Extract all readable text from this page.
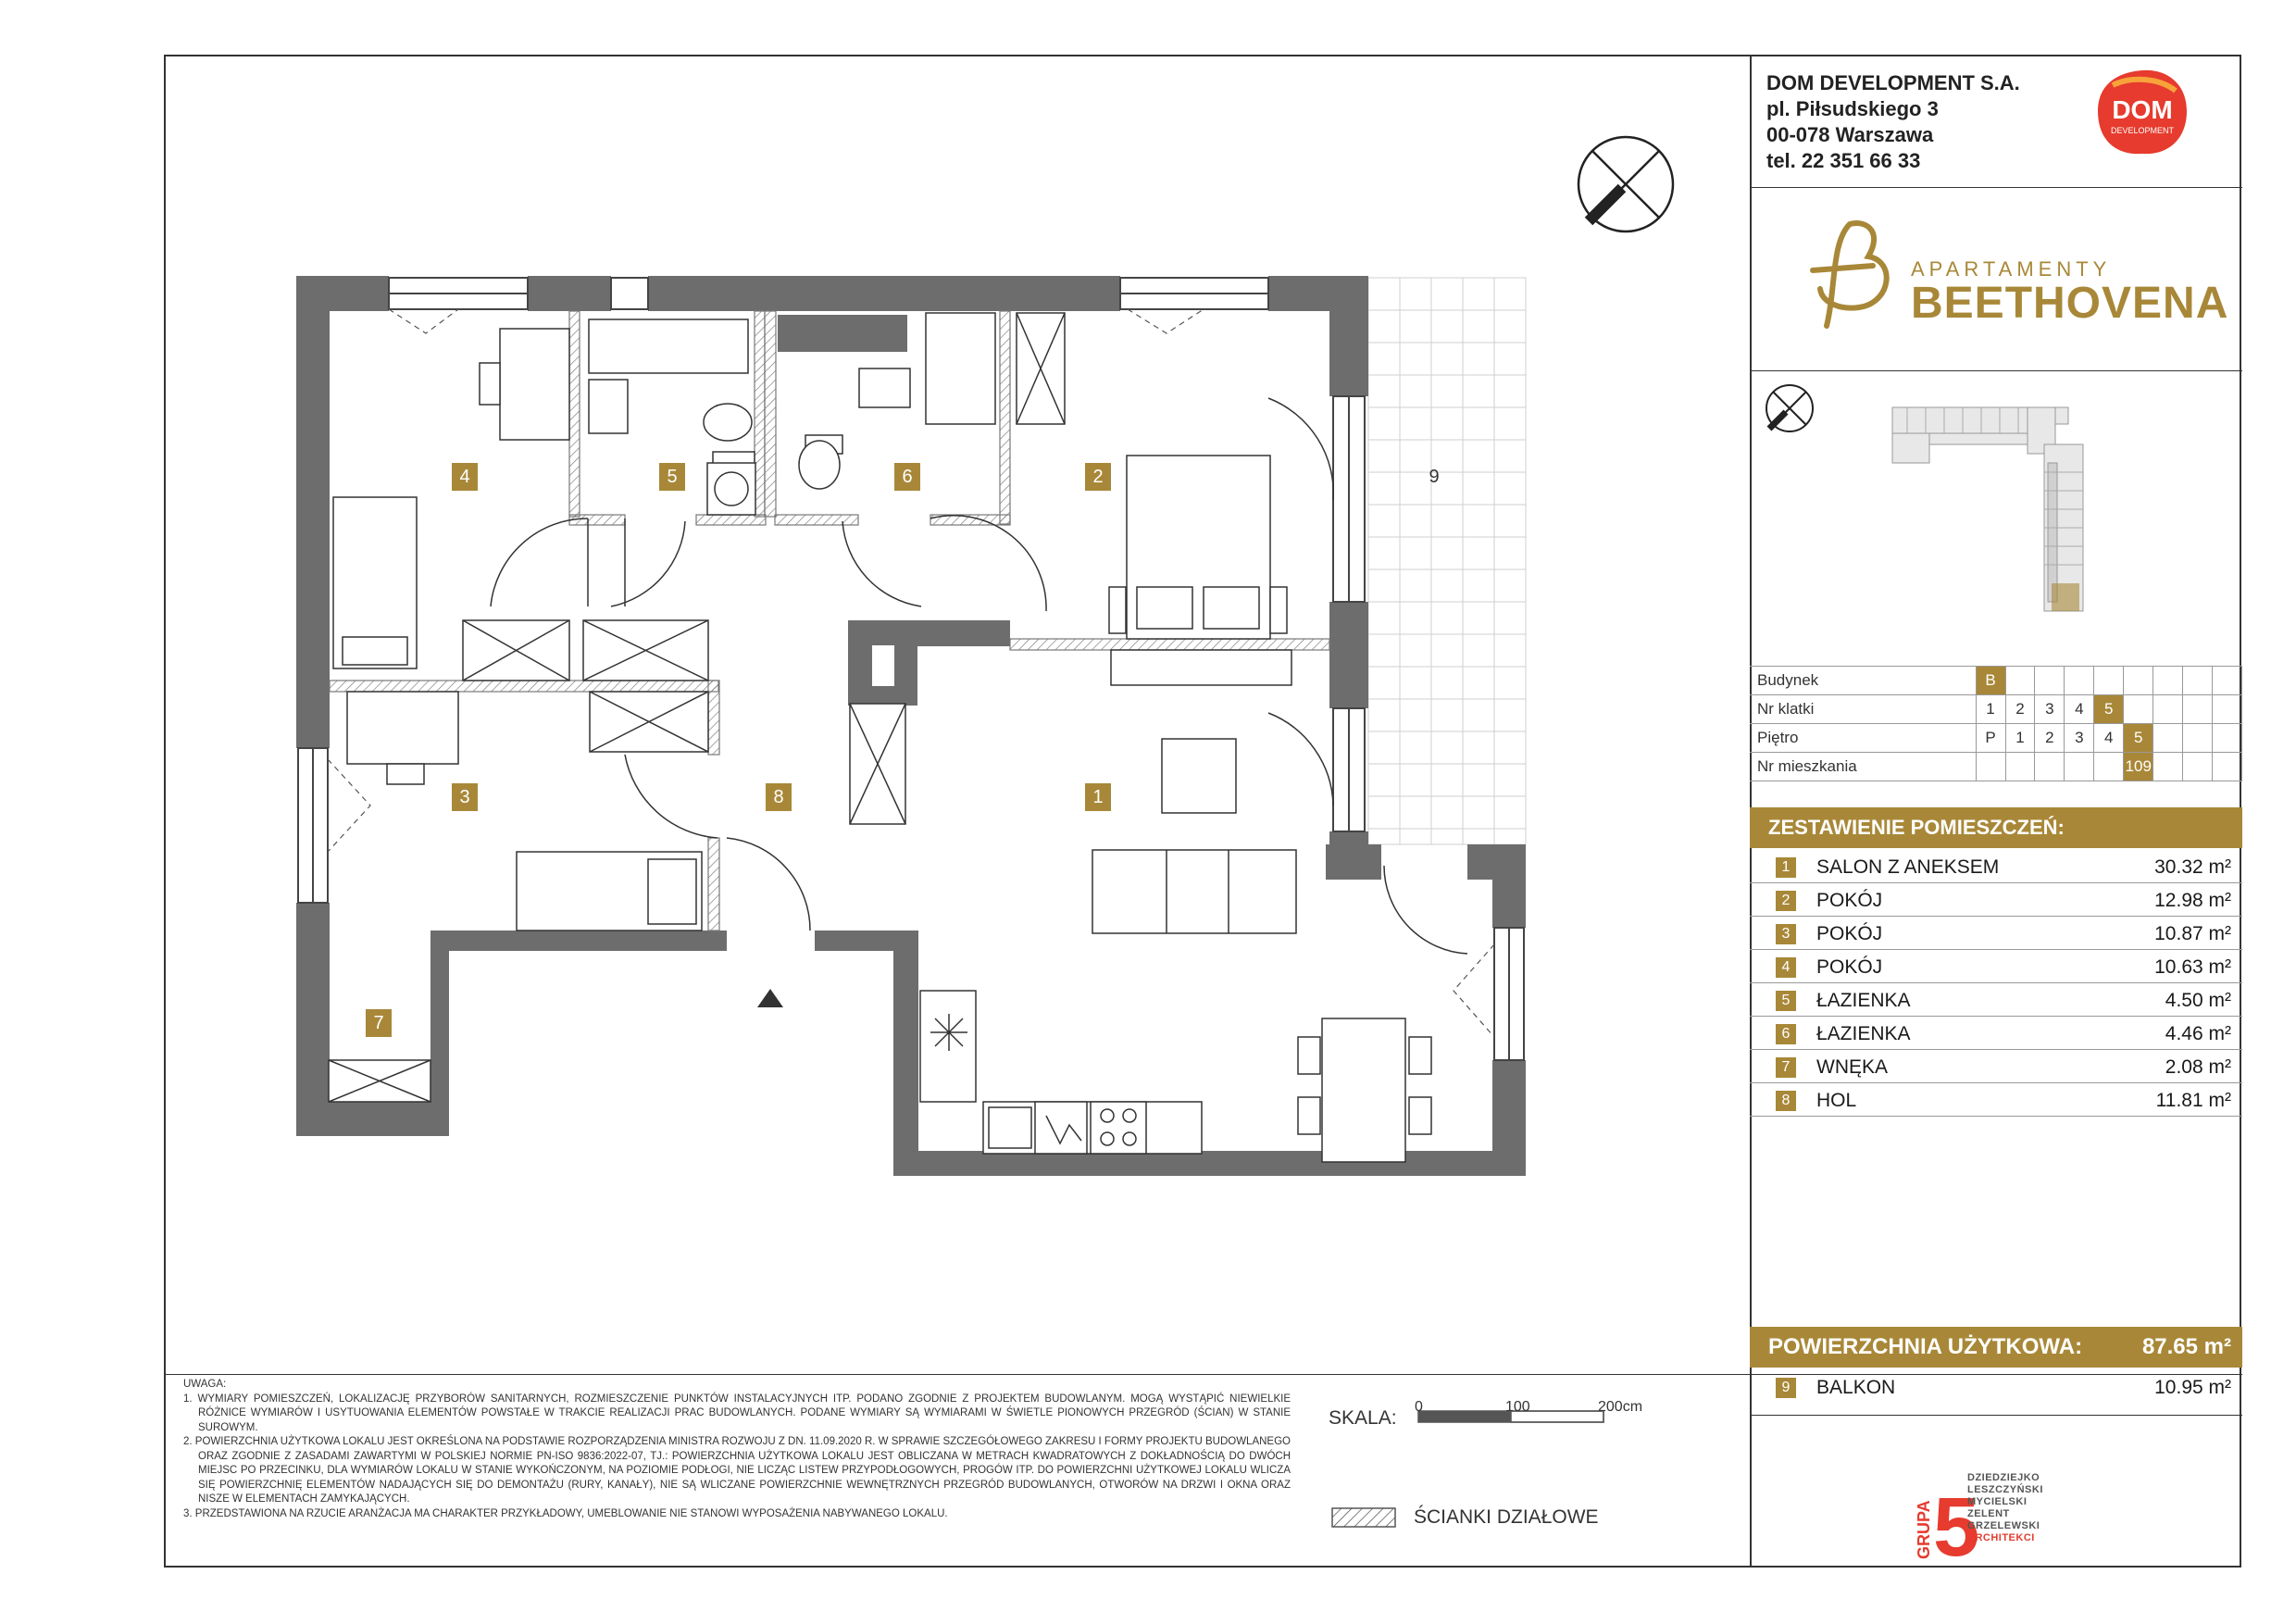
DOM DEVELOPMENT S.A.
pl. Piłsudskiego 3
00-078 Warszawa
tel. 22 351 66 33
DOM
DEVELOPMENT
APARTAMENTY
BEETHOVENA
Budynek	B								
Nr klatki	1	2	3	4	5				
Piętro	P	1	2	3	4	5			
Nr mieszkania						109			
ZESTAWIENIE POMIESZCZEŃ:
1	SALON Z ANEKSEM	30.32 m²
2	POKÓJ	12.98 m²
3	POKÓJ	10.87 m²
4	POKÓJ	10.63 m²
5	ŁAZIENKA	4.50 m²
6	ŁAZIENKA	4.46 m²
7	WNĘKA	2.08 m²
8	HOL	11.81 m²
POWIERZCHNIA UŻYTKOWA:	87.65 m²
9	BALKON	10.95 m²
GRUPA 5
DZIEDZIEJKO
LESZCZYŃSKI
MYCIELSKI
ZELENT
GRZELEWSKI
ARCHITEKCI
UWAGA:
1. WYMIARY POMIESZCZEŃ, LOKALIZACJĘ PRZYBORÓW SANITARNYCH, ROZMIESZCZENIE PUNKTÓW INSTALACYJNYCH ITP. PODANO ZGODNIE Z PROJEKTEM BUDOWLANYM. MOGĄ WYSTĄPIĆ NIEWIELKIE RÓŻNICE WYMIARÓW I USYTUOWANIA ELEMENTÓW POWSTAŁE W TRAKCIE REALIZACJI PRAC BUDOWLANYCH. PODANE WYMIARY SĄ WYMIARAMI W ŚWIETLE PIONOWYCH PRZEGRÓD (ŚCIAN) W STANIE SUROWYM.
2. POWIERZCHNIA UŻYTKOWA LOKALU JEST OKREŚLONA NA PODSTAWIE ROZPORZĄDZENIA MINISTRA ROZWOJU Z DN. 11.09.2020 R. W SPRAWIE SZCZEGÓŁOWEGO ZAKRESU I FORMY PROJEKTU BUDOWLANEGO ORAZ ZGODNIE Z ZASADAMI ZAWARTYMI W POLSKIEJ NORMIE PN-ISO 9836:2022-07, TJ.: POWIERZCHNIA UŻYTKOWA LOKALU JEST OBLICZANA W METRACH KWADRATOWYCH Z DOKŁADNOŚCIĄ DO DWÓCH MIEJSC PO PRZECINKU, DLA WYMIARÓW LOKALU W STANIE WYKOŃCZONYM, NA POZIOMIE PODŁOGI, NIE LICZĄC LISTEW PRZYPODŁOGOWYCH, PROGÓW ITP. DO POWIERZCHNI UŻYTKOWEJ LOKALU WLICZA SIĘ POWIERZCHNIĘ ELEMENTÓW NADAJĄCYCH SIĘ DO DEMONTAŻU (RURY, KANAŁY), NIE SĄ WLICZANE POWIERZCHNIE WEWNĘTRZNYCH PRZEGRÓD BUDOWLANYCH, OTWORÓW NA DRZWI I OKNA ORAZ NISZE W ELEMENTACH ZAMYKAJĄCYCH.
3. PRZEDSTAWIONA NA RZUCIE ARANŻACJA MA CHARAKTER PRZYKŁADOWY, UMEBLOWANIE NIE STANOWI WYPOSAŻENIA NABYWANEGO LOKALU.
SKALA:
0	100	200cm
ŚCIANKI DZIAŁOWE
1
2
3
4	5	6
7
8
9
